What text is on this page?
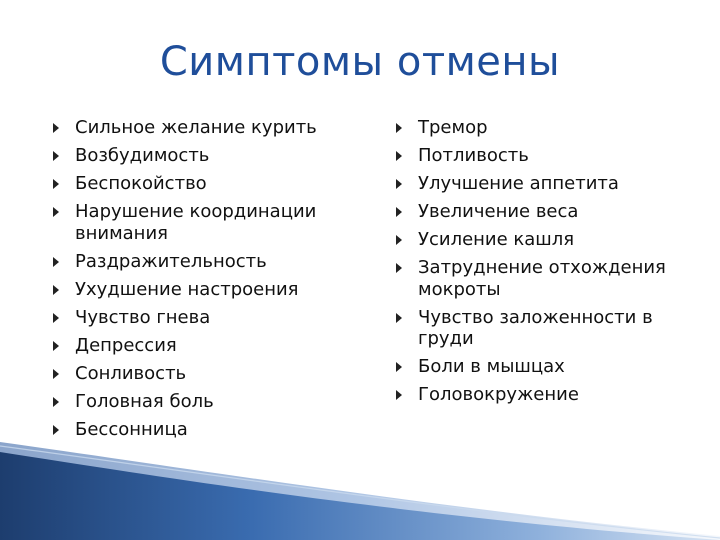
Симптомы отмены
Сильное желание курить
Возбудимость
Беспокойство
Нарушение координации внимания
Раздражительность
Ухудшение настроения
Чувство гнева
Депрессия
Сонливость
Головная боль
Бессонница
Тремор
Потливость
Улучшение аппетита
Увеличение веса
Усиление кашля
Затруднение отхождения мокроты
Чувство заложенности в груди
Боли в мышцах
Головокружение
